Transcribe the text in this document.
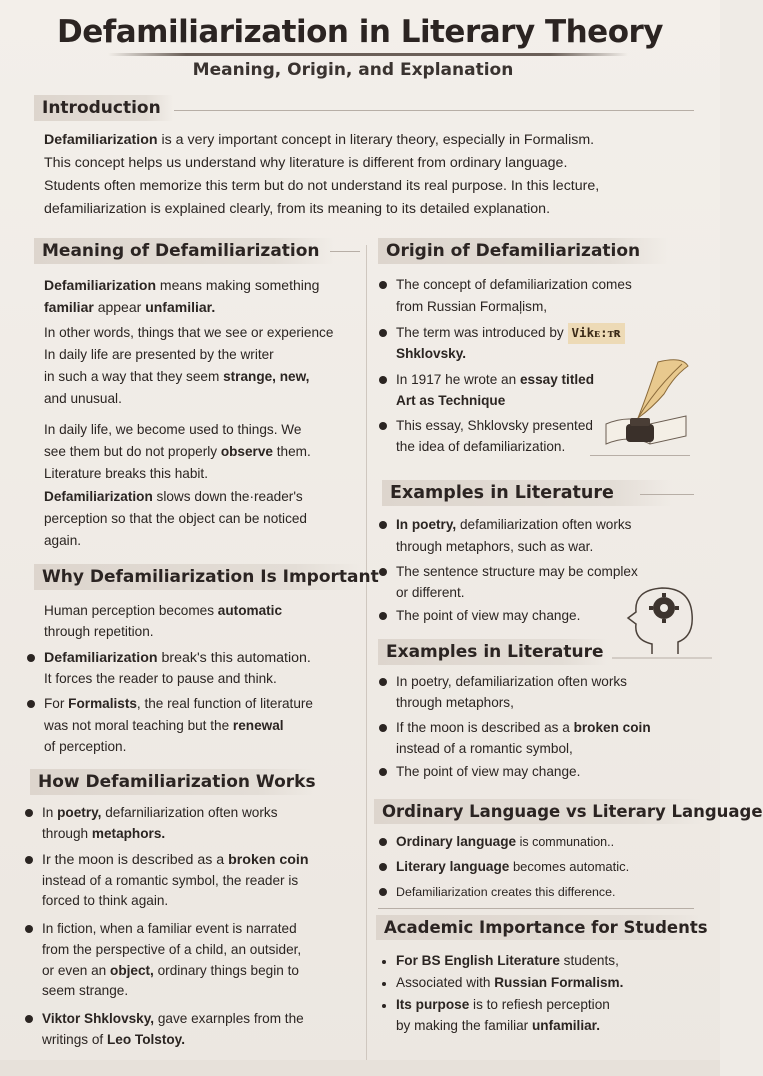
Defamiliarization in Literary Theory
Meaning, Origin, and Explanation
Introduction
Defamiliarization is a very important concept in literary theory, especially in Formalism.
This concept helps us understand why literature is different from ordinary language.
Students often memorize this term but do not understand its real purpose. In this lecture,
defamiliarization is explained clearly, from its meaning to its detailed explanation.
Meaning of Defamiliarization
Defamiliarization means making something
familiar appear unfamiliar.
In other words, things that we see or experience
In daily life are presented by the writer
in such a way that they seem strange, new,
and unusual.
In daily life, we become used to things. We
see them but do not properly observe them.
Literature breaks this habit.
Defamiliarization slows down the·reader's
perception so that the object can be noticed
again.
Why Defamiliarization Is Important
Human perception becomes automatic
through repetition.
Defamiliarization break's this automation.
It forces the reader to pause and think.
For Formalists, the real function of literature
was not moral teaching but the renewal
of perception.
How Defamiliarization Works
In poetry, defarniliarization often works
through metaphors.
Ir the moon is described as a broken coin
instead of a romantic symbol, the reader is
forced to think again.
In fiction, when a familiar event is narrated
from the perspective of a child, an outsider,
or even an object, ordinary things begin to
seem strange.
Viktor Shklovsky, gave exarnples from the
writings of Leo Tolstoy.
Origin of Defamiliarization
The concept of defamiliarization comes
from Russian Formaļism,
The term was introduced by Vikᴇ꞉ᴛʀ
Shklovsky.
In 1917 he wrote an essay titled
Art as Technique
This essay, Shklovsky presented
the idea of defamiliarization.
Examples in Literature
In poetry, defamiliarization often works
through metaphors, such as war.
The sentence structure may be complex
or different.
The point of view may change.
Examples in Literature
In poetry, defamiliarization often works
through metaphors,
If the moon is described as a broken coin
instead of a romantic symbol,
The point of view may change.
Ordinary Language vs Literary Language
Ordinary language is communation..
Literary language becomes automatic.
Defamiliarization creates this difference.
Academic Importance for Students
For BS English Literature students,
Associated with Russian Formalism.
Its purpose is to refiesh perception
by making the familiar unfamiliar.
